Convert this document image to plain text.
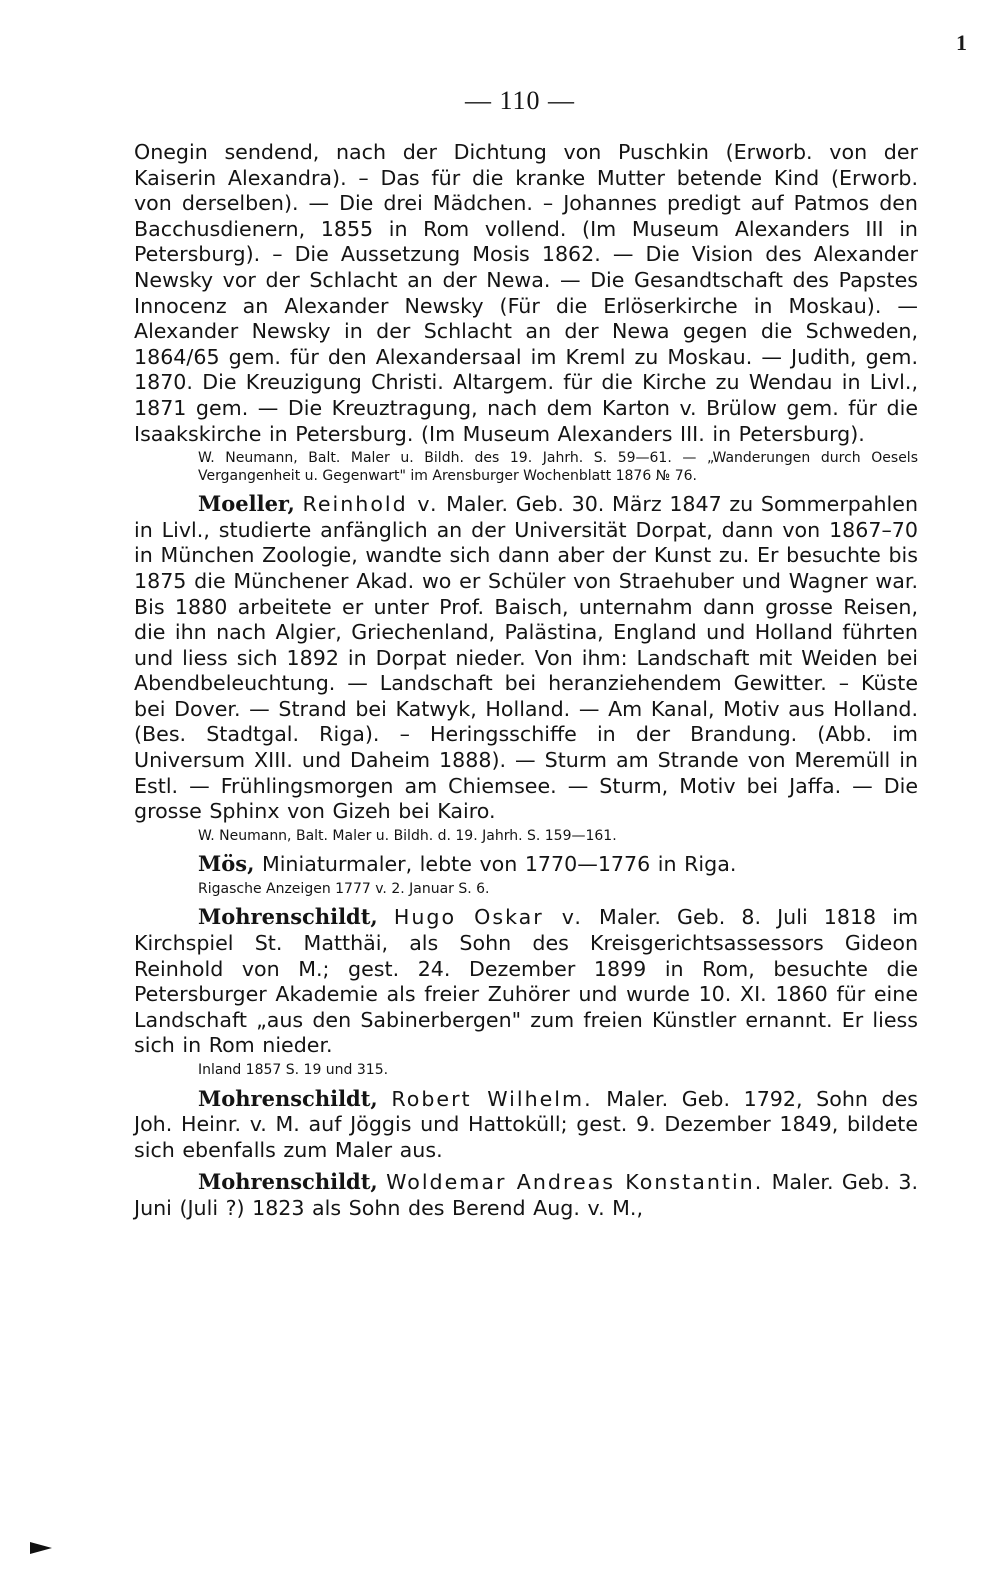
1
— 110 —

Onegin sendend, nach der Dichtung von Puschkin (Erworb. von der Kaiserin Alexandra). – Das für die kranke Mutter betende Kind (Erworb. von derselben). — Die drei Mädchen. – Johannes predigt auf Patmos den Bacchusdienern, 1855 in Rom vollend. (Im Museum Alexanders III in Petersburg). – Die Aussetzung Mosis 1862. — Die Vision des Alexander Newsky vor der Schlacht an der Newa. — Die Gesandtschaft des Papstes Innocenz an Alexander Newsky (Für die Erlöserkirche in Moskau). — Alexander Newsky in der Schlacht an der Newa gegen die Schweden, 1864/65 gem. für den Alexandersaal im Kreml zu Moskau. — Judith, gem. 1870. Die Kreuzigung Christi. Altargem. für die Kirche zu Wendau in Livl., 1871 gem. — Die Kreuztragung, nach dem Karton v. Brülow gem. für die Isaakskirche in Petersburg. (Im Museum Alexanders III. in Petersburg).

W. Neumann, Balt. Maler u. Bildh. des 19. Jahrh. S. 59—61. — „Wanderungen durch Oesels Vergangenheit u. Gegenwart" im Arensburger Wochenblatt 1876 № 76.

Moeller, Reinhold v. Maler. Geb. 30. März 1847 zu Sommerpahlen in Livl., studierte anfänglich an der Universität Dorpat, dann von 1867–70 in München Zoologie, wandte sich dann aber der Kunst zu. Er besuchte bis 1875 die Münchener Akad. wo er Schüler von Straehuber und Wagner war. Bis 1880 arbeitete er unter Prof. Baisch, unternahm dann grosse Reisen, die ihn nach Algier, Griechenland, Palästina, England und Holland führten und liess sich 1892 in Dorpat nieder. Von ihm: Landschaft mit Weiden bei Abendbeleuchtung. — Landschaft bei heranziehendem Gewitter. – Küste bei Dover. — Strand bei Katwyk, Holland. — Am Kanal, Motiv aus Holland. (Bes. Stadtgal. Riga). – Heringsschiffe in der Brandung. (Abb. im Universum XIII. und Daheim 1888). — Sturm am Strande von Meremüll in Estl. — Frühlingsmorgen am Chiemsee. — Sturm, Motiv bei Jaffa. — Die grosse Sphinx von Gizeh bei Kairo.

W. Neumann, Balt. Maler u. Bildh. d. 19. Jahrh. S. 159—161.

Mös, Miniaturmaler, lebte von 1770—1776 in Riga.

Rigasche Anzeigen 1777 v. 2. Januar S. 6.

Mohrenschildt, Hugo Oskar v. Maler. Geb. 8. Juli 1818 im Kirchspiel St. Matthäi, als Sohn des Kreisgerichtsassessors Gideon Reinhold von M.; gest. 24. Dezember 1899 in Rom, besuchte die Petersburger Akademie als freier Zuhörer und wurde 10. XI. 1860 für eine Landschaft „aus den Sabinerbergen" zum freien Künstler ernannt. Er liess sich in Rom nieder.

Inland 1857 S. 19 und 315.

Mohrenschildt, Robert Wilhelm. Maler. Geb. 1792, Sohn des Joh. Heinr. v. M. auf Jöggis und Hattoküll; gest. 9. Dezember 1849, bildete sich ebenfalls zum Maler aus.

Mohrenschildt, Woldemar Andreas Konstantin. Maler. Geb. 3. Juni (Juli ?) 1823 als Sohn des Berend Aug. v. M.,
